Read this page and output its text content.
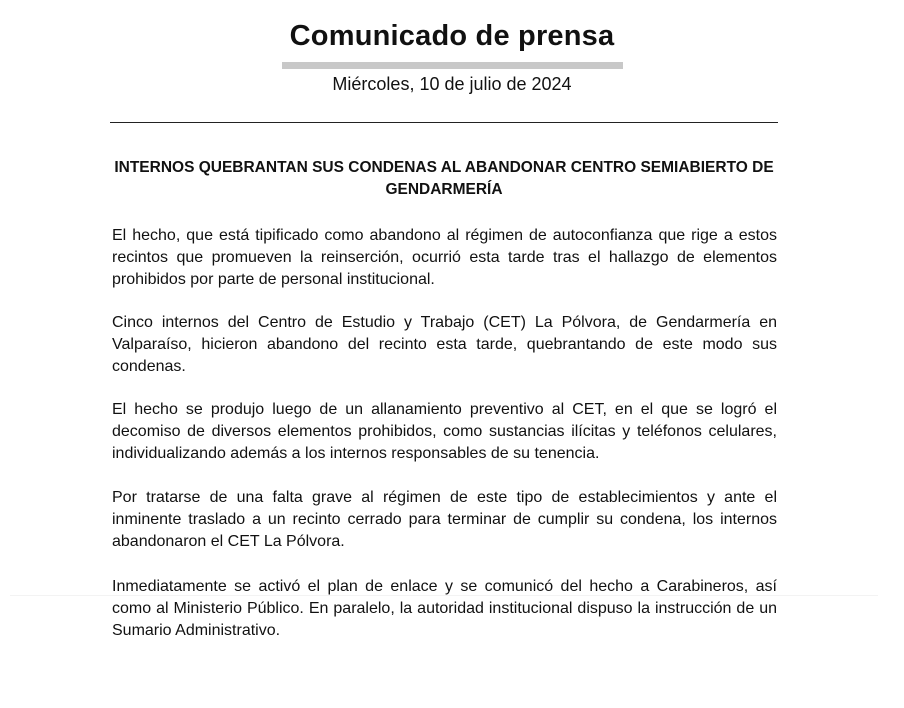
Comunicado de prensa
Miércoles, 10 de julio de 2024
INTERNOS QUEBRANTAN SUS CONDENAS AL ABANDONAR CENTRO SEMIABIERTO DE GENDARMERÍA

El hecho, que está tipificado como abandono al régimen de autoconfianza que rige a estos recintos que promueven la reinserción, ocurrió esta tarde tras el hallazgo de elementos prohibidos por parte de personal institucional.

Cinco internos del Centro de Estudio y Trabajo (CET) La Pólvora, de Gendarmería en Valparaíso, hicieron abandono del recinto esta tarde, quebrantando de este modo sus condenas.

El hecho se produjo luego de un allanamiento preventivo al CET, en el que se logró el decomiso de diversos elementos prohibidos, como sustancias ilícitas y teléfonos celulares, individualizando además a los internos responsables de su tenencia.

Por tratarse de una falta grave al régimen de este tipo de establecimientos y ante el inminente traslado a un recinto cerrado para terminar de cumplir su condena, los internos abandonaron el CET La Pólvora.

Inmediatamente se activó el plan de enlace y se comunicó del hecho a Carabineros, así como al Ministerio Público. En paralelo, la autoridad institucional dispuso la instrucción de un Sumario Administrativo.
